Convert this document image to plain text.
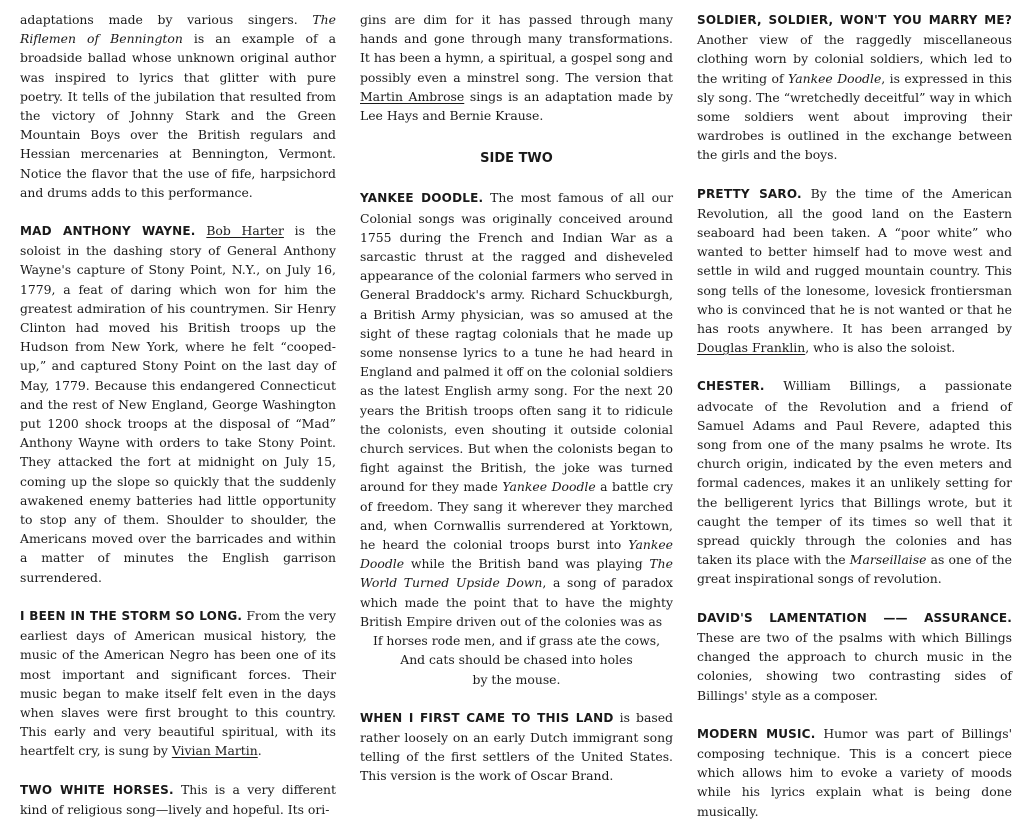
adaptations made by various singers. The Riflemen of Bennington is an example of a broadside ballad whose unknown original author was inspired to lyrics that glitter with pure poetry. It tells of the jubilation that resulted from the victory of Johnny Stark and the Green Mountain Boys over the British regulars and Hessian mercenaries at Bennington, Vermont. Notice the flavor that the use of fife, harpsichord and drums adds to this performance.

MAD ANTHONY WAYNE. Bob Harter is the soloist in the dashing story of General Anthony Wayne's capture of Stony Point, N.Y., on July 16, 1779, a feat of daring which won for him the greatest admiration of his countrymen. Sir Henry Clinton had moved his British troops up the Hudson from New York, where he felt “cooped-up,” and captured Stony Point on the last day of May, 1779. Because this endangered Connecticut and the rest of New England, George Washington put 1200 shock troops at the disposal of “Mad” Anthony Wayne with orders to take Stony Point. They attacked the fort at midnight on July 15, coming up the slope so quickly that the suddenly awakened enemy batteries had little opportunity to stop any of them. Shoulder to shoulder, the Americans moved over the barricades and within a matter of minutes the English garrison surrendered.

I BEEN IN THE STORM SO LONG. From the very earliest days of American musical history, the music of the American Negro has been one of its most important and significant forces. Their music began to make itself felt even in the days when slaves were first brought to this country. This early and very beautiful spiritual, with its heartfelt cry, is sung by Vivian Martin.

TWO WHITE HORSES. This is a very different kind of religious song—lively and hopeful. Its ori-

gins are dim for it has passed through many hands and gone through many transformations. It has been a hymn, a spiritual, a gospel song and possibly even a minstrel song. The version that Martin Ambrose sings is an adaptation made by Lee Hays and Bernie Krause.

SIDE TWO

YANKEE DOODLE. The most famous of all our Colonial songs was originally conceived around 1755 during the French and Indian War as a sarcastic thrust at the ragged and disheveled appearance of the colonial farmers who served in General Braddock's army. Richard Schuckburgh, a British Army physician, was so amused at the sight of these ragtag colonials that he made up some nonsense lyrics to a tune he had heard in England and palmed it off on the colonial soldiers as the latest English army song. For the next 20 years the British troops often sang it to ridicule the colonists, even shouting it outside colonial church services. But when the colonists began to fight against the British, the joke was turned around for they made Yankee Doodle a battle cry of freedom. They sang it wherever they marched and, when Cornwallis surrendered at Yorktown, he heard the colonial troops burst into Yankee Doodle while the British band was playing The World Turned Upside Down, a song of paradox which made the point that to have the mighty British Empire driven out of the colonies was as

If horses rode men, and if grass ate the cows,
And cats should be chased into holes
by the mouse.

WHEN I FIRST CAME TO THIS LAND is based rather loosely on an early Dutch immigrant song telling of the first settlers of the United States. This version is the work of Oscar Brand.

SOLDIER, SOLDIER, WON'T YOU MARRY ME? Another view of the raggedly miscellaneous clothing worn by colonial soldiers, which led to the writing of Yankee Doodle, is expressed in this sly song. The “wretchedly deceitful” way in which some soldiers went about improving their wardrobes is outlined in the exchange between the girls and the boys.

PRETTY SARO. By the time of the American Revolution, all the good land on the Eastern seaboard had been taken. A “poor white” who wanted to better himself had to move west and settle in wild and rugged mountain country. This song tells of the lonesome, lovesick frontiersman who is convinced that he is not wanted or that he has roots anywhere. It has been arranged by Douglas Franklin, who is also the soloist.

CHESTER. William Billings, a passionate advocate of the Revolution and a friend of Samuel Adams and Paul Revere, adapted this song from one of the many psalms he wrote. Its church origin, indicated by the even meters and formal cadences, makes it an unlikely setting for the belligerent lyrics that Billings wrote, but it caught the temper of its times so well that it spread quickly through the colonies and has taken its place with the Marseillaise as one of the great inspirational songs of revolution.

DAVID'S LAMENTATION —— ASSURANCE. These are two of the psalms with which Billings changed the approach to church music in the colonies, showing two contrasting sides of Billings' style as a composer.

MODERN MUSIC. Humor was part of Billings' composing technique. This is a concert piece which allows him to evoke a variety of moods while his lyrics explain what is being done musically.
